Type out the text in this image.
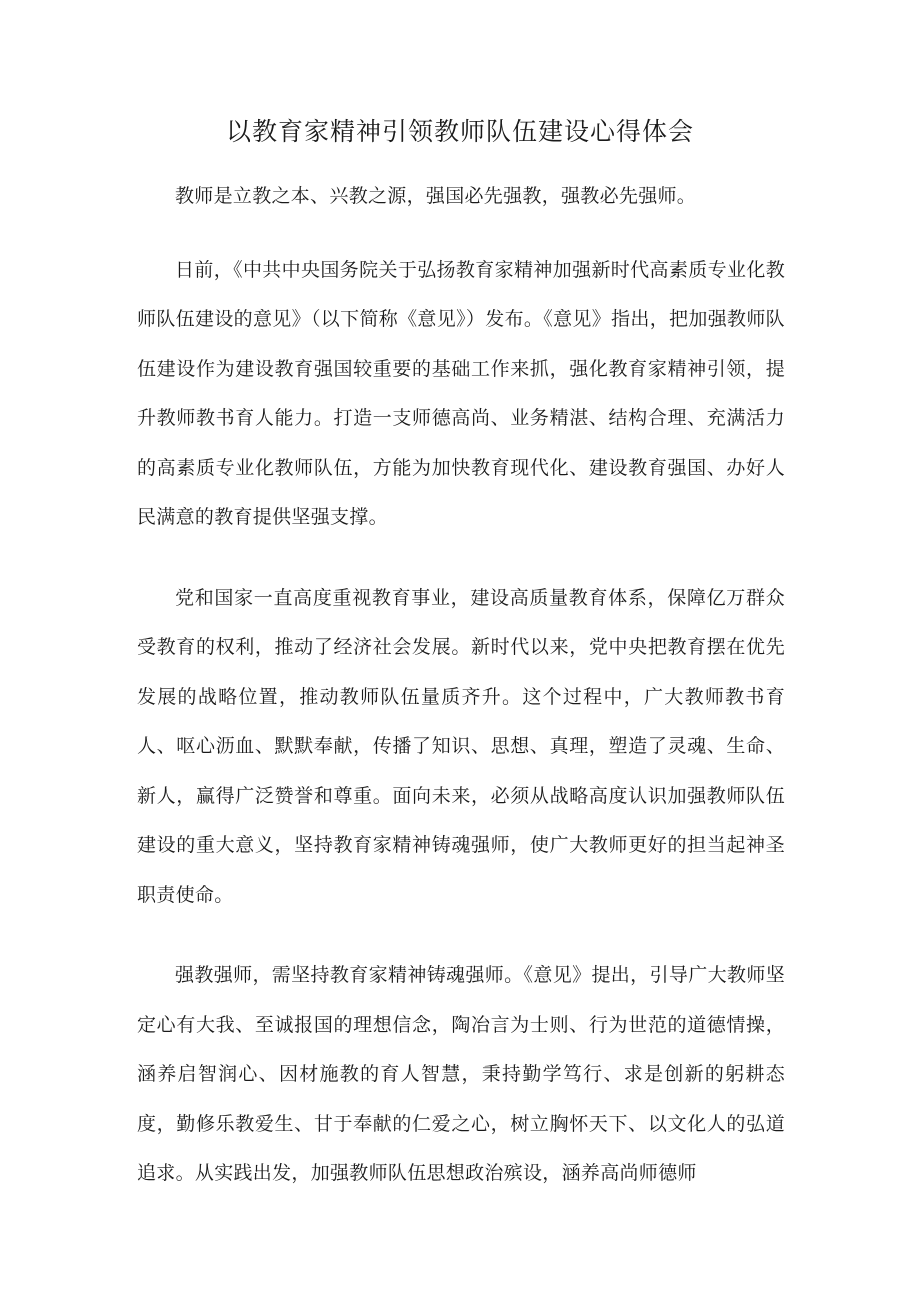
以教育家精神引领教师队伍建设心得体会

教师是立教之本、兴教之源，强国必先强教，强教必先强师。

日前，《中共中央国务院关于弘扬教育家精神加强新时代高素质专业化教师队伍建设的意见》（以下简称《意见》）发布。《意见》指出，把加强教师队伍建设作为建设教育强国较重要的基础工作来抓，强化教育家精神引领，提升教师教书育人能力。打造一支师德高尚、业务精湛、结构合理、充满活力的高素质专业化教师队伍，方能为加快教育现代化、建设教育强国、办好人民满意的教育提供坚强支撑。

党和国家一直高度重视教育事业，建设高质量教育体系，保障亿万群众受教育的权利，推动了经济社会发展。新时代以来，党中央把教育摆在优先发展的战略位置，推动教师队伍量质齐升。这个过程中，广大教师教书育人、呕心沥血、默默奉献，传播了知识、思想、真理，塑造了灵魂、生命、新人，赢得广泛赞誉和尊重。面向未来，必须从战略高度认识加强教师队伍建设的重大意义，坚持教育家精神铸魂强师，使广大教师更好的担当起神圣职责使命。

强教强师，需坚持教育家精神铸魂强师。《意见》提出，引导广大教师坚定心有大我、至诚报国的理想信念，陶冶言为士则、行为世范的道德情操，涵养启智润心、因材施教的育人智慧，秉持勤学笃行、求是创新的躬耕态度，勤修乐教爱生、甘于奉献的仁爱之心，树立胸怀天下、以文化人的弘道追求。从实践出发，加强教师队伍思想政治殡设，涵养高尚师德师
